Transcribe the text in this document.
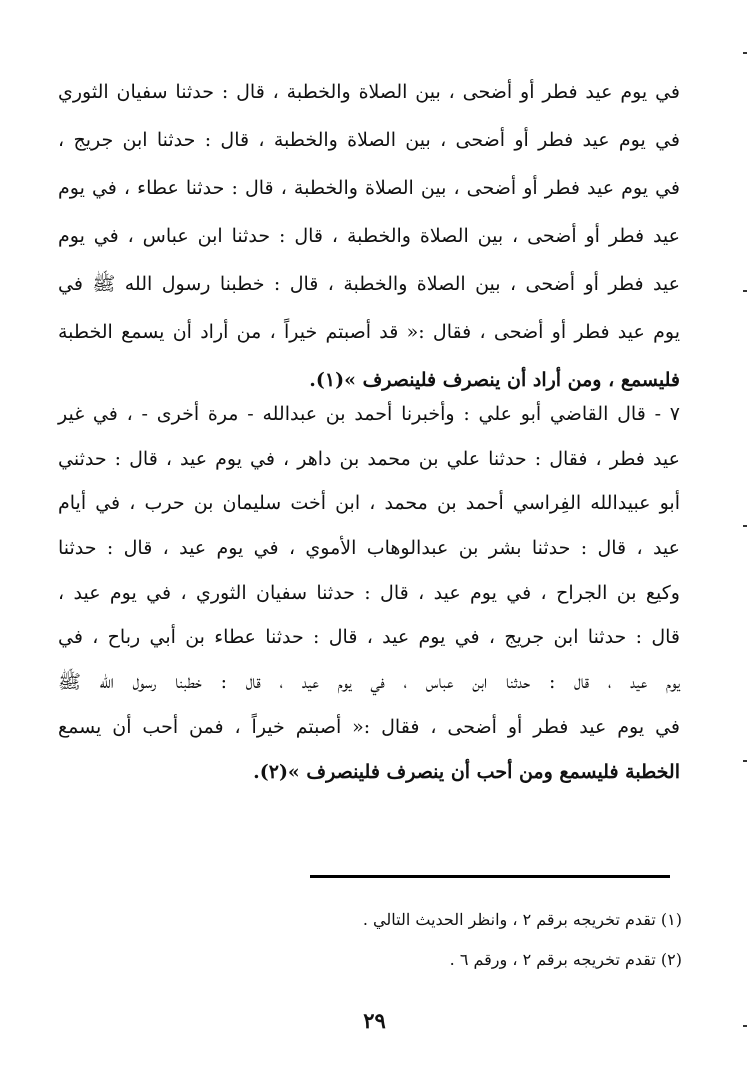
في يوم عيد فطر أو أضحى ، بين الصلاة والخطبة ، قال : حدثنا سفيان الثوري
في يوم عيد فطر أو أضحى ، بين الصلاة والخطبة ، قال : حدثنا ابن جريج ،
في يوم عيد فطر أو أضحى ، بين الصلاة والخطبة ، قال : حدثنا عطاء ، في يوم
عيد فطر أو أضحى ، بين الصلاة والخطبة ، قال : حدثنا ابن عباس ، في يوم
عيد فطر أو أضحى ، بين الصلاة والخطبة ، قال : خطبنا رسول الله ﷺ في
يوم عيد فطر أو أضحى ، فقال :« قد أصبتم خيراً ، من أراد أن يسمع الخطبة
فليسمع ، ومن أراد أن ينصرف فلينصرف »(١).
٧ - قال القاضي أبو علي : وأخبرنا أحمد بن عبدالله - مرة أخرى - ، في غير
عيد فطر ، فقال : حدثنا علي بن محمد بن داهر ، في يوم عيد ، قال : حدثني
أبو عبيدالله الفِراسي أحمد بن محمد ، ابن أخت سليمان بن حرب ، في أيام
عيد ، قال : حدثنا بشر بن عبدالوهاب الأموي ، في يوم عيد ، قال : حدثنا
وكيع بن الجراح ، في يوم عيد ، قال : حدثنا سفيان الثوري ، في يوم عيد ،
قال : حدثنا ابن جريج ، في يوم عيد ، قال : حدثنا عطاء بن أبي رباح ، في
يوم عيد ، قال : حدثنا ابن عباس ، في يوم عيد ، قال : خطبنا رسول الله ﷺ
في يوم عيد فطر أو أضحى ، فقال :« أصبتم خيراً ، فمن أحب أن يسمع
الخطبة فليسمع ومن أحب أن ينصرف فلينصرف »(٢).
(١) تقدم تخريجه برقم ٢ ، وانظر الحديث التالي .
(٢) تقدم تخريجه برقم ٢ ، ورقم ٦ .
٢٩
